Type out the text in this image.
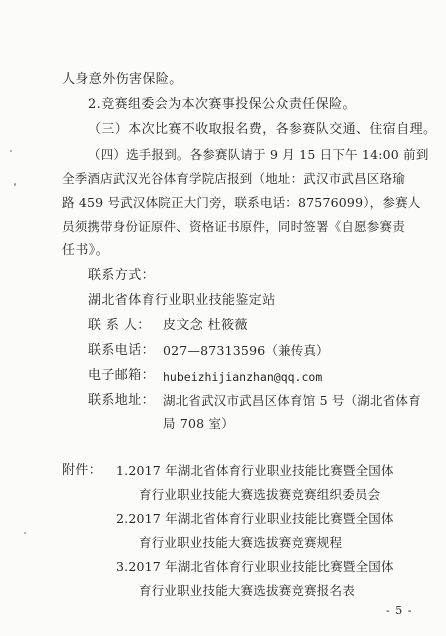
人身意外伤害保险。
2.竞赛组委会为本次赛事投保公众责任保险。
（三）本次比赛不收取报名费，各参赛队交通、住宿自理。
（四）选手报到。各参赛队请于 9 月 15 日下午 14:00 前到
全季酒店武汉光谷体育学院店报到（地址：武汉市武昌区珞瑜
路 459 号武汉体院正大门旁，联系电话：87576099），参赛人
员须携带身份证原件、资格证书原件，同时签署《自愿参赛责
任书》。
联系方式：
湖北省体育行业职业技能鉴定站
联 系 人： 皮文念 杜筱薇
联系电话： 027—87313596（兼传真）
电子邮箱： hubeizhijianzhan@qq.com
联系地址： 湖北省武汉市武昌区体育馆 5 号（湖北省体育
局 708 室）
附件： 1.2017 年湖北省体育行业职业技能比赛暨全国体
育行业职业技能大赛选拔赛竞赛组织委员会
2.2017 年湖北省体育行业职业技能比赛暨全国体
育行业职业技能大赛选拔赛竞赛规程
3.2017 年湖北省体育行业职业技能比赛暨全国体
育行业职业技能大赛选拔赛竞赛报名表
- 5 -
